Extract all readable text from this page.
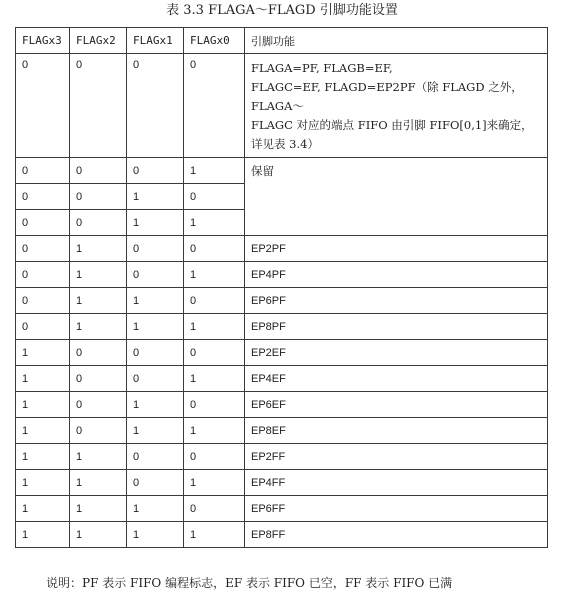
表 3.3 FLAGA～FLAGD 引脚功能设置
FLAGx3	FLAGx2	FLAGx1	FLAGx0	引脚功能
0	0	0	0	FLAGA=PF, FLAGB=EF,
FLAGC=EF, FLAGD=EP2PF（除 FLAGD 之外，FLAGA～
FLAGC 对应的端点 FIFO 由引脚 FIFO[0,1]来确定，
详见表 3.4）

0	0	0	1	保留
0	0	1	0	
0	0	1	1	
0	1	0	0	EP2PF
0	1	0	1	EP4PF
0	1	1	0	EP6PF
0	1	1	1	EP8PF
1	0	0	0	EP2EF
1	0	0	1	EP4EF
1	0	1	0	EP6EF
1	0	1	1	EP8EF
1	1	0	0	EP2FF
1	1	0	1	EP4FF
1	1	1	0	EP6FF
1	1	1	1	EP8FF
说明：PF 表示 FIFO 编程标志，EF 表示 FIFO 已空，FF 表示 FIFO 已满
